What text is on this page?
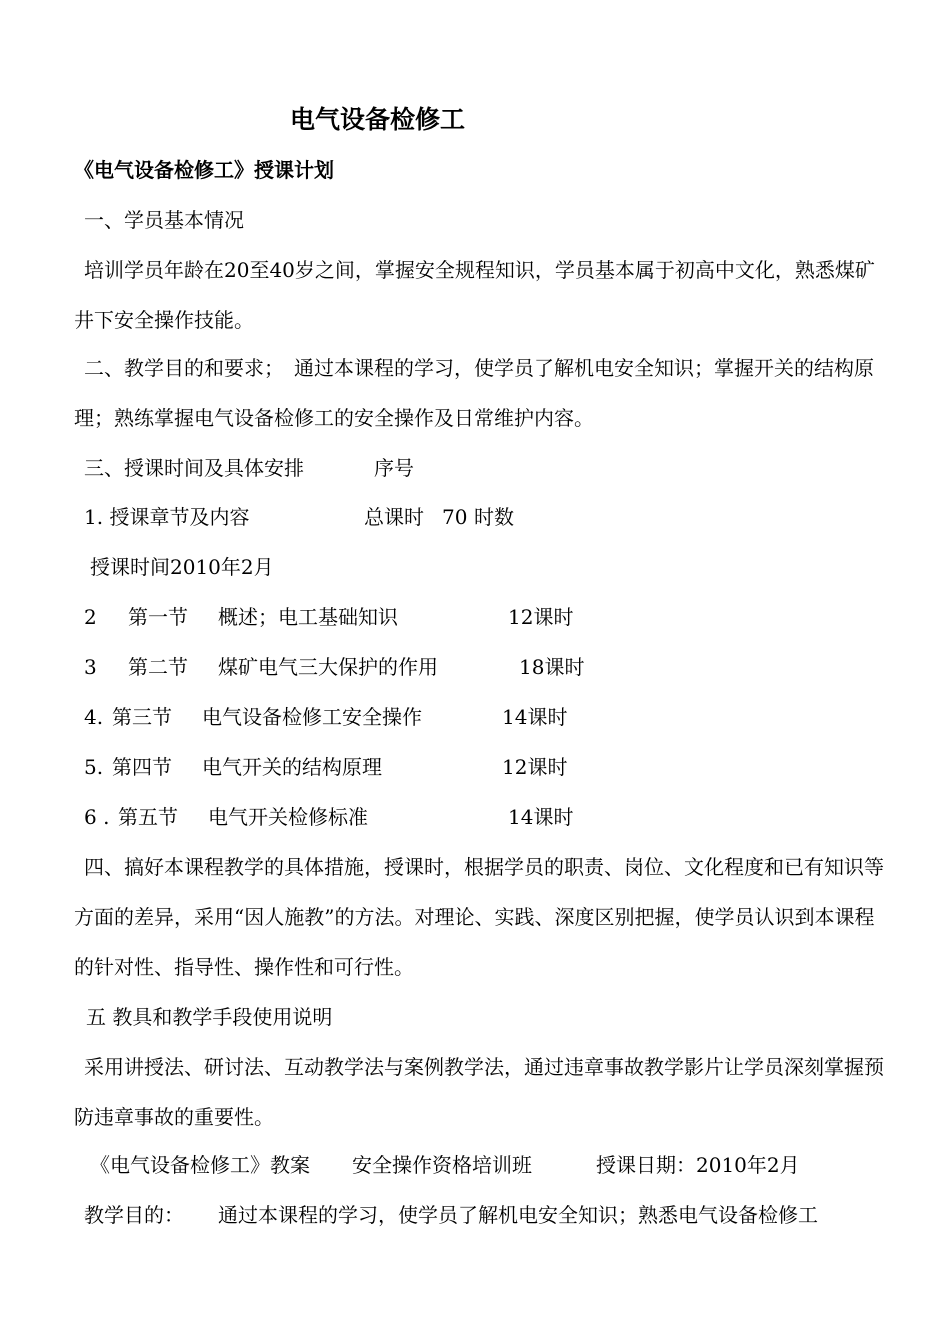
电气设备检修工
《电气设备检修工》授课计划
一、学员基本情况
培训学员年龄在20至40岁之间，掌握安全规程知识，学员基本属于初高中文化，熟悉煤矿井下安全操作技能。
二、教学目的和要求；　通过本课程的学习，使学员了解机电安全知识；掌握开关的结构原理；熟练掌握电气设备检修工的安全操作及日常维护内容。
三、授课时间及具体安排	序号
1. 授课章节及内容	总课时 70 时数
授课时间2010年2月
2 第一节 概述；电工基础知识	12课时
3 第二节 煤矿电气三大保护的作用	18课时
4. 第三节 电气设备检修工安全操作	14课时
5. 第四节 电气开关的结构原理	12课时
6 . 第五节 电气开关检修标准	14课时
四、搞好本课程教学的具体措施，授课时，根据学员的职责、岗位、文化程度和已有知识等方面的差异，采用“因人施教”的方法。对理论、实践、深度区别把握，使学员认识到本课程的针对性、指导性、操作性和可行性。
五 教具和教学手段使用说明
采用讲授法、研讨法、互动教学法与案例教学法，通过违章事故教学影片让学员深刻掌握预防违章事故的重要性。
《电气设备检修工》教案 安全操作资格培训班	授课日期：2010年2月
教学目的： 通过本课程的学习，使学员了解机电安全知识；熟悉电气设备检修工
